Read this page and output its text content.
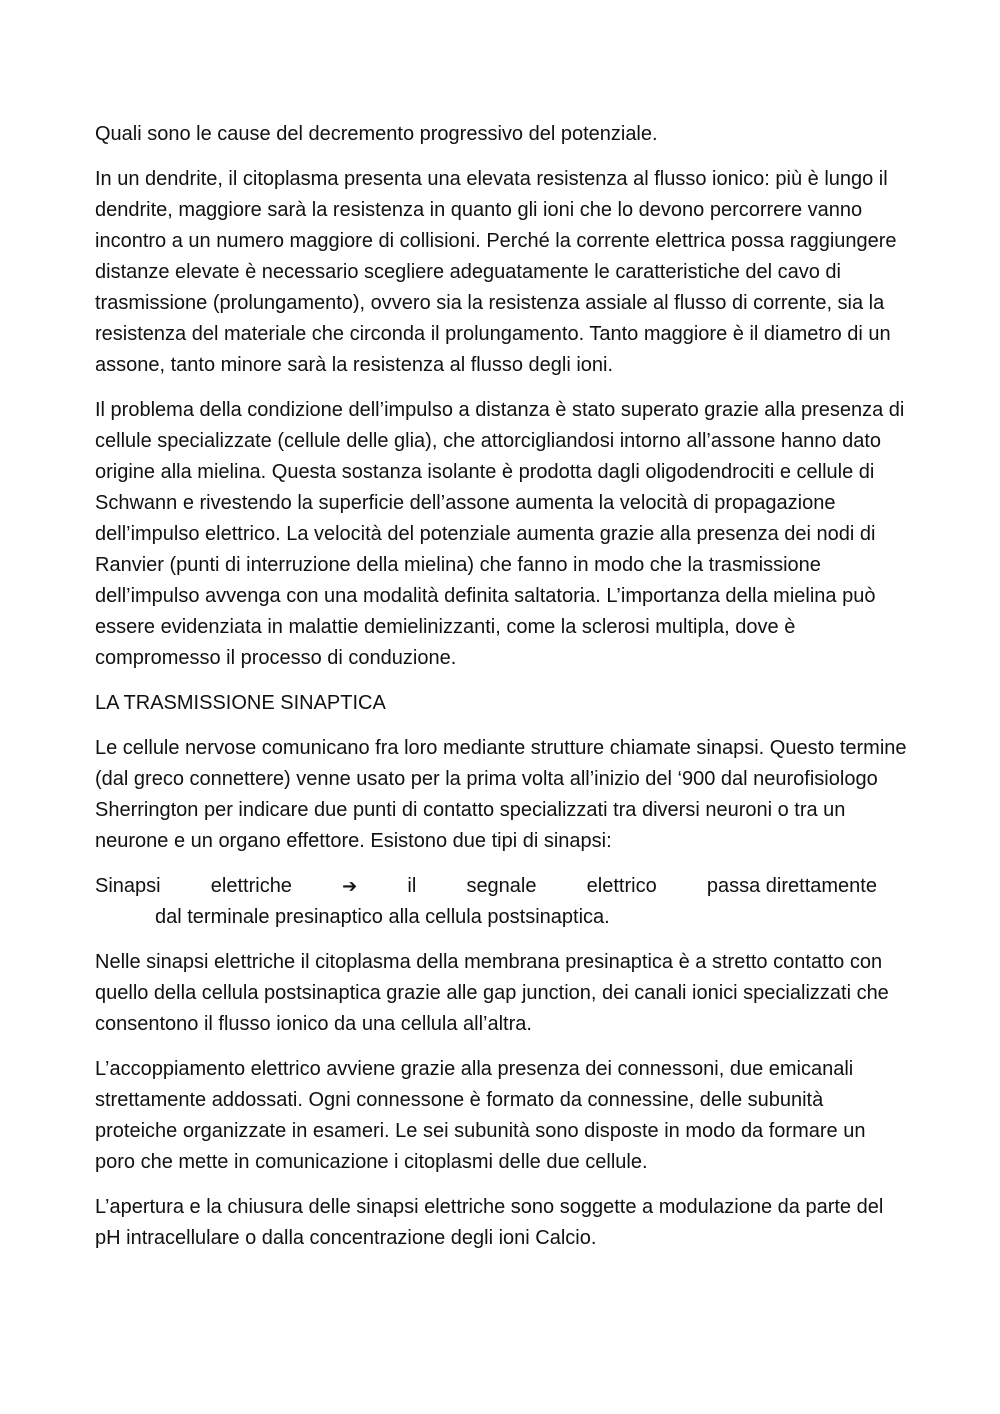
Quali sono le cause del decremento progressivo del potenziale.

In un dendrite, il citoplasma presenta una elevata resistenza al flusso ionico: più è lungo il dendrite, maggiore sarà la resistenza in quanto gli ioni che lo devono percorrere vanno incontro a un numero maggiore di collisioni. Perché la corrente elettrica possa raggiungere distanze elevate è necessario scegliere adeguatamente le caratteristiche del cavo di trasmissione (prolungamento), ovvero sia la resistenza assiale al flusso di corrente, sia la resistenza del materiale che circonda il prolungamento. Tanto maggiore è il diametro di un assone, tanto minore sarà la resistenza al flusso degli ioni.

Il problema della condizione dell’impulso a distanza è stato superato grazie alla presenza di cellule specializzate (cellule delle glia), che attorcigliandosi intorno all’assone hanno dato origine alla mielina. Questa sostanza isolante è prodotta dagli oligodendrociti e cellule di Schwann e rivestendo la superficie dell’assone aumenta la velocità di propagazione dell’impulso elettrico. La velocità del potenziale aumenta grazie alla presenza dei nodi di Ranvier (punti di interruzione della mielina) che fanno in modo che la trasmissione dell’impulso avvenga con una modalità definita saltatoria. L’importanza della mielina può essere evidenziata in malattie demielinizzanti, come la sclerosi multipla, dove è compromesso il processo di conduzione.

LA TRASMISSIONE SINAPTICA

Le cellule nervose comunicano fra loro mediante strutture chiamate sinapsi. Questo termine (dal greco connettere) venne usato per la prima volta all’inizio del ‘900 dal neurofisiologo Sherrington per indicare due punti di contatto specializzati tra diversi neuroni o tra un neurone e un organo effettore. Esistono due tipi di sinapsi:

Sinapsi	elettriche	➔	il	segnale	elettrico	passa direttamente
dal terminale presinaptico alla cellula postsinaptica.

Nelle sinapsi elettriche il citoplasma della membrana presinaptica è a stretto contatto con quello della cellula postsinaptica grazie alle gap junction, dei canali ionici specializzati che consentono il flusso ionico da una cellula all’altra.

L’accoppiamento elettrico avviene grazie alla presenza dei connessoni, due emicanali strettamente addossati. Ogni connessone è formato da connessine, delle subunità proteiche organizzate in esameri. Le sei subunità sono disposte in modo da formare un poro che mette in comunicazione i citoplasmi delle due cellule.

L’apertura e la chiusura delle sinapsi elettriche sono soggette a modulazione da parte del pH intracellulare o dalla concentrazione degli ioni Calcio.
